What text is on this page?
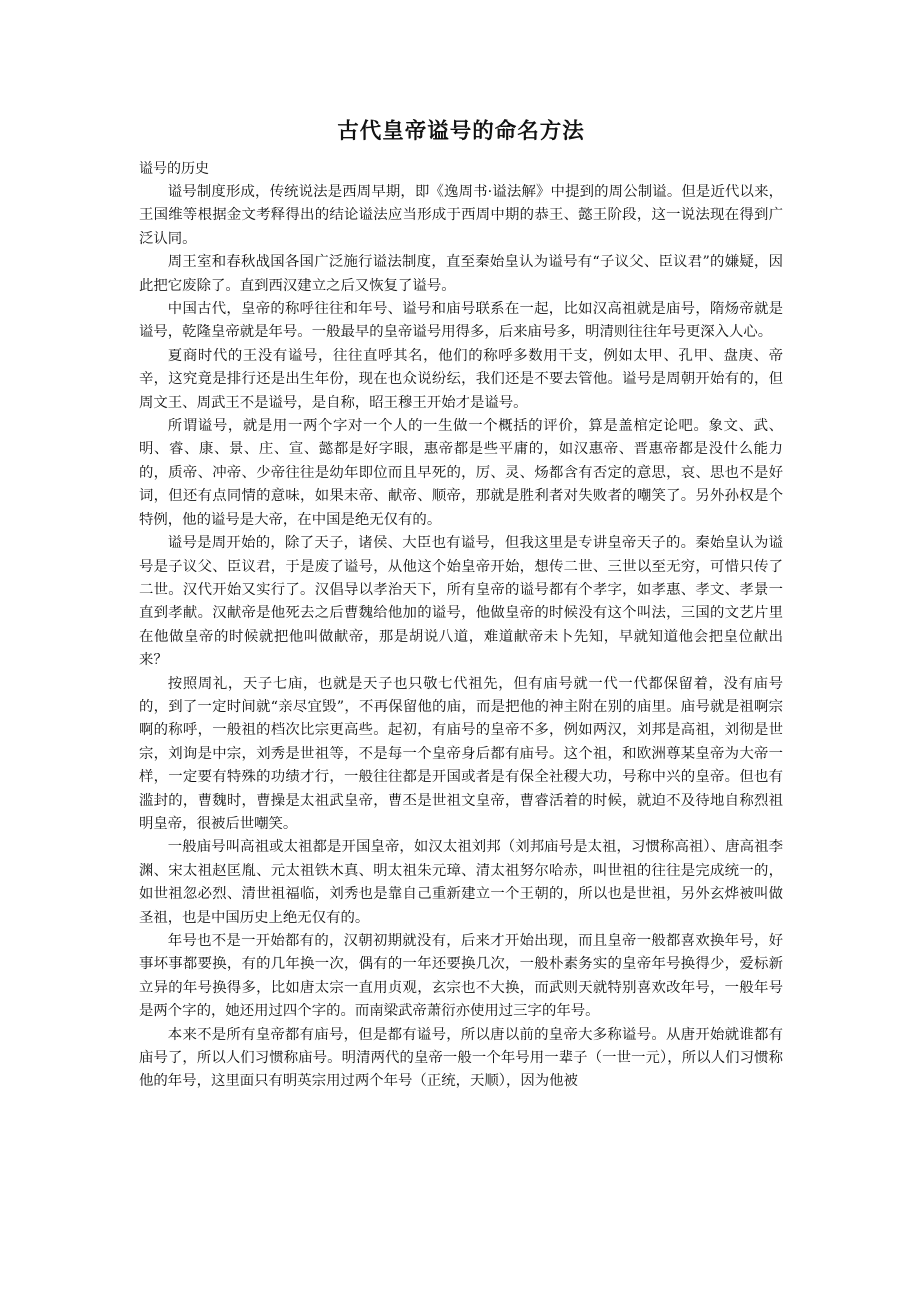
古代皇帝谥号的命名方法

谥号的历史

谥号制度形成，传统说法是西周早期，即《逸周书·谥法解》中提到的周公制谥。但是近代以来，王国维等根据金文考释得出的结论谥法应当形成于西周中期的恭王、懿王阶段，这一说法现在得到广泛认同。

周王室和春秋战国各国广泛施行谥法制度，直至秦始皇认为谥号有“子议父、臣议君”的嫌疑，因此把它废除了。直到西汉建立之后又恢复了谥号。

中国古代，皇帝的称呼往往和年号、谥号和庙号联系在一起，比如汉高祖就是庙号，隋炀帝就是谥号，乾隆皇帝就是年号。一般最早的皇帝谥号用得多，后来庙号多，明清则往往年号更深入人心。

夏商时代的王没有谥号，往往直呼其名，他们的称呼多数用干支，例如太甲、孔甲、盘庚、帝辛，这究竟是排行还是出生年份，现在也众说纷纭，我们还是不要去管他。谥号是周朝开始有的，但周文王、周武王不是谥号，是自称，昭王穆王开始才是谥号。

所谓谥号，就是用一两个字对一个人的一生做一个概括的评价，算是盖棺定论吧。象文、武、明、睿、康、景、庄、宣、懿都是好字眼，惠帝都是些平庸的，如汉惠帝、晋惠帝都是没什么能力的，质帝、冲帝、少帝往往是幼年即位而且早死的，厉、灵、炀都含有否定的意思，哀、思也不是好词，但还有点同情的意味，如果末帝、献帝、顺帝，那就是胜利者对失败者的嘲笑了。另外孙权是个特例，他的谥号是大帝，在中国是绝无仅有的。

谥号是周开始的，除了天子，诸侯、大臣也有谥号，但我这里是专讲皇帝天子的。秦始皇认为谥号是子议父、臣议君，于是废了谥号，从他这个始皇帝开始，想传二世、三世以至无穷，可惜只传了二世。汉代开始又实行了。汉倡导以孝治天下，所有皇帝的谥号都有个孝字，如孝惠、孝文、孝景一直到孝献。汉献帝是他死去之后曹魏给他加的谥号，他做皇帝的时候没有这个叫法，三国的文艺片里在他做皇帝的时候就把他叫做献帝，那是胡说八道，难道献帝未卜先知，早就知道他会把皇位献出来？

按照周礼，天子七庙，也就是天子也只敬七代祖先，但有庙号就一代一代都保留着，没有庙号的，到了一定时间就“亲尽宜毁”，不再保留他的庙，而是把他的神主附在别的庙里。庙号就是祖啊宗啊的称呼，一般祖的档次比宗更高些。起初，有庙号的皇帝不多，例如两汉，刘邦是高祖，刘彻是世宗，刘询是中宗，刘秀是世祖等，不是每一个皇帝身后都有庙号。这个祖，和欧洲尊某皇帝为大帝一样，一定要有特殊的功绩才行，一般往往都是开国或者是有保全社稷大功，号称中兴的皇帝。但也有滥封的，曹魏时，曹操是太祖武皇帝，曹丕是世祖文皇帝，曹睿活着的时候，就迫不及待地自称烈祖明皇帝，很被后世嘲笑。

一般庙号叫高祖或太祖都是开国皇帝，如汉太祖刘邦（刘邦庙号是太祖，习惯称高祖）、唐高祖李渊、宋太祖赵匡胤、元太祖铁木真、明太祖朱元璋、清太祖努尔哈赤，叫世祖的往往是完成统一的，如世祖忽必烈、清世祖福临，刘秀也是靠自己重新建立一个王朝的，所以也是世祖，另外玄烨被叫做圣祖，也是中国历史上绝无仅有的。

年号也不是一开始都有的，汉朝初期就没有，后来才开始出现，而且皇帝一般都喜欢换年号，好事坏事都要换，有的几年换一次，偶有的一年还要换几次，一般朴素务实的皇帝年号换得少，爱标新立异的年号换得多，比如唐太宗一直用贞观，玄宗也不大换，而武则天就特别喜欢改年号，一般年号是两个字的，她还用过四个字的。而南梁武帝萧衍亦使用过三字的年号。

本来不是所有皇帝都有庙号，但是都有谥号，所以唐以前的皇帝大多称谥号。从唐开始就谁都有庙号了，所以人们习惯称庙号。明清两代的皇帝一般一个年号用一辈子（一世一元），所以人们习惯称他的年号，这里面只有明英宗用过两个年号（正统，天顺），因为他被
